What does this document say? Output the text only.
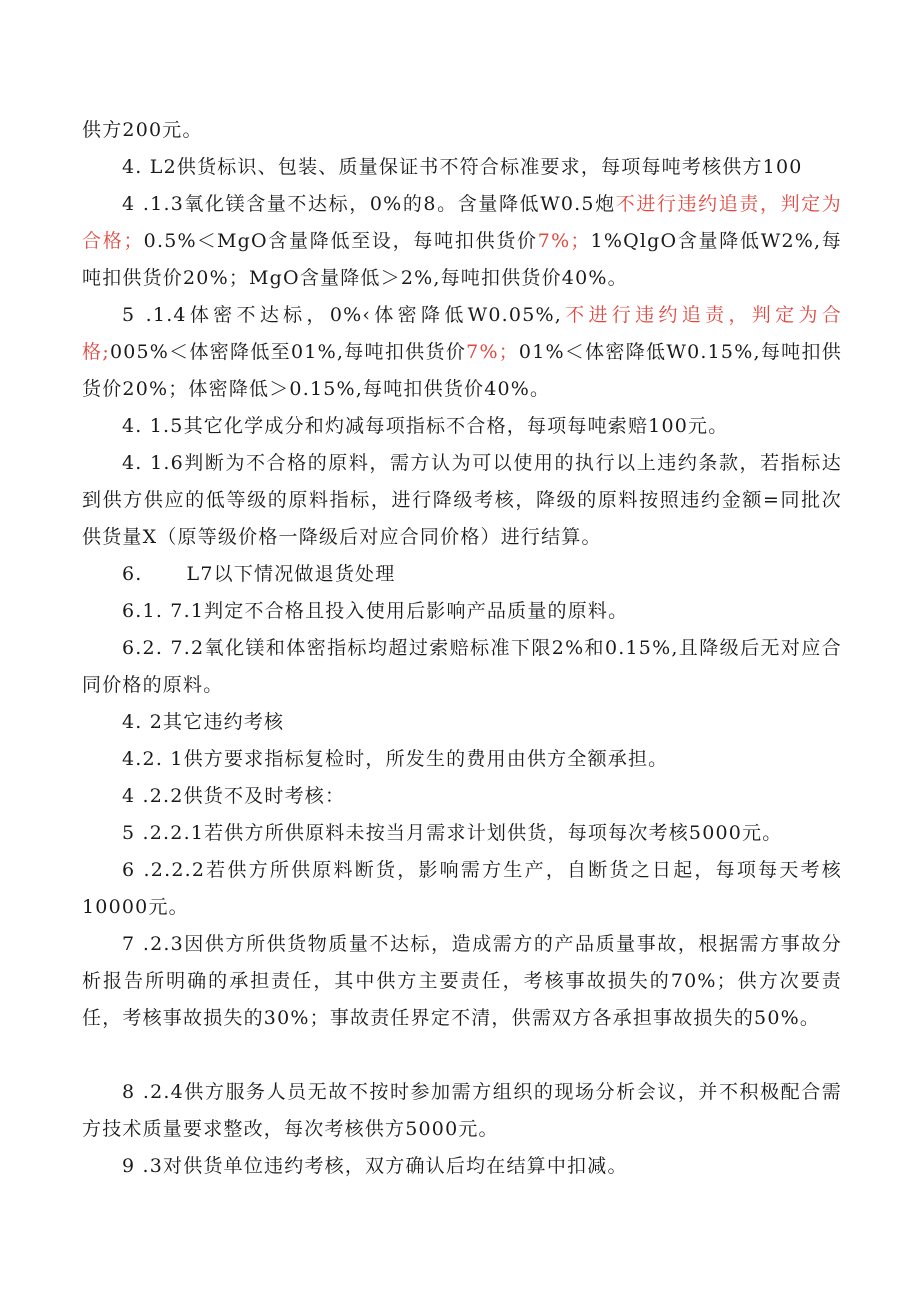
供方200元。

4. L2供货标识、包装、质量保证书不符合标准要求，每项每吨考核供方100

4 .1.3氧化镁含量不达标，0%的8。含量降低W0.5炮不进行违约追责，判定为合格；0.5%＜MgO含量降低至设，每吨扣供货价7%；1%QlgO含量降低W2%,每吨扣供货价20%；MgO含量降低＞2%,每吨扣供货价40%。

5 .1.4体密不达标，0%‹体密降低W0.05%,不进行违约追责，判定为合格;005%＜体密降低至01%,每吨扣供货价7%；01%＜体密降低W0.15%,每吨扣供货价20%；体密降低＞0.15%,每吨扣供货价40%。

4. 1.5其它化学成分和灼减每项指标不合格，每项每吨索赔100元。

4. 1.6判断为不合格的原料，需方认为可以使用的执行以上违约条款，若指标达到供方供应的低等级的原料指标，进行降级考核，降级的原料按照违约金额=同批次供货量X（原等级价格一降级后对应合同价格）进行结算。

6. L7以下情况做退货处理

6.1. 7.1判定不合格且投入使用后影响产品质量的原料。

6.2. 7.2氧化镁和体密指标均超过索赔标准下限2%和0.15%,且降级后无对应合同价格的原料。

4. 2其它违约考核

4.2. 1供方要求指标复检时，所发生的费用由供方全额承担。

4 .2.2供货不及时考核：

5 .2.2.1若供方所供原料未按当月需求计划供货，每项每次考核5000元。

6 .2.2.2若供方所供原料断货，影响需方生产，自断货之日起，每项每天考核10000元。

7 .2.3因供方所供货物质量不达标，造成需方的产品质量事故，根据需方事故分析报告所明确的承担责任，其中供方主要责任，考核事故损失的70%；供方次要责任，考核事故损失的30%；事故责任界定不清，供需双方各承担事故损失的50%。

8 .2.4供方服务人员无故不按时参加需方组织的现场分析会议，并不积极配合需方技术质量要求整改，每次考核供方5000元。

9 .3对供货单位违约考核，双方确认后均在结算中扣减。
